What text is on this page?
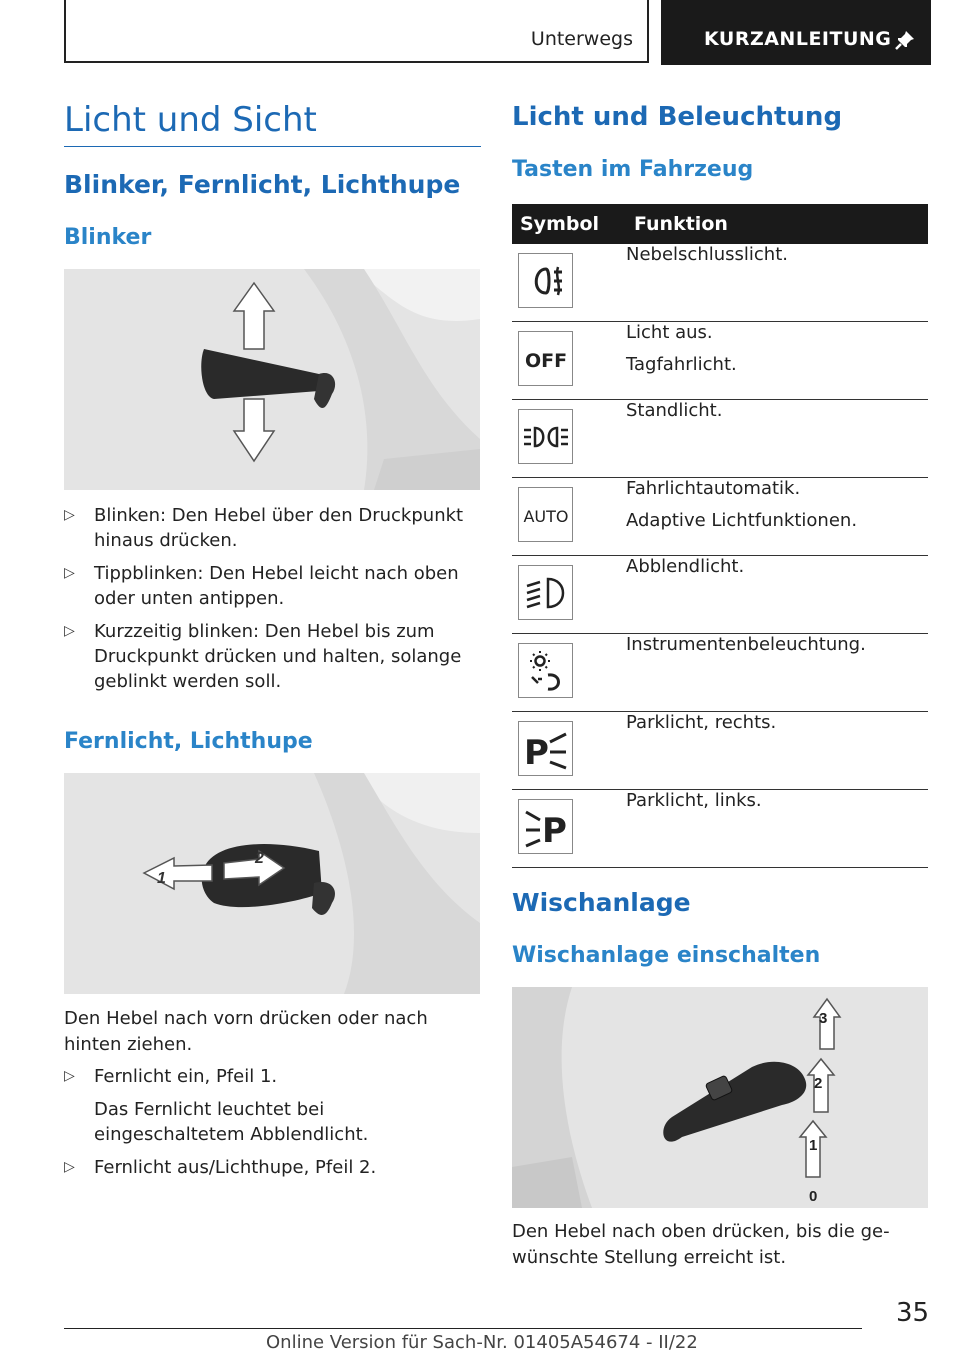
Unterwegs	KURZANLEITUNG
Licht und Sicht
Blinker, Fernlicht, Lichthupe
Blinker
▷ Blinken: Den Hebel über den Druckpunkt hinaus drücken.
▷ Tippblinken: Den Hebel leicht nach oben oder unten antippen.
▷ Kurzzeitig blinken: Den Hebel bis zum Druckpunkt drücken und halten, solange geblinkt werden soll.
Fernlicht, Lichthupe
1
2

Den Hebel nach vorn drücken oder nach hinten ziehen.

▷ Fernlicht ein, Pfeil 1.
Das Fernlicht leuchtet bei eingeschaltetem Abblendlicht.
▷ Fernlicht aus/Lichthupe, Pfeil 2.
Licht und Beleuchtung
Tasten im Fahrzeug
Symbol	Funktion

Nebelschlusslicht.

OFF	Licht aus.
Tagfahrlicht.

Standlicht.

AUTO	Fahrlichtautomatik.
Adaptive Lichtfunktionen.

Abblendlicht.

Instrumentenbeleuchtung.

P	Parklicht, rechts.

P	Parklicht, links.
Wischanlage
Wischanlage einschalten
3
2
1
0

Den Hebel nach oben drücken, bis die gewünschte Stellung erreicht ist.

35
Online Version für Sach-Nr. 01405A54674 - II/22
